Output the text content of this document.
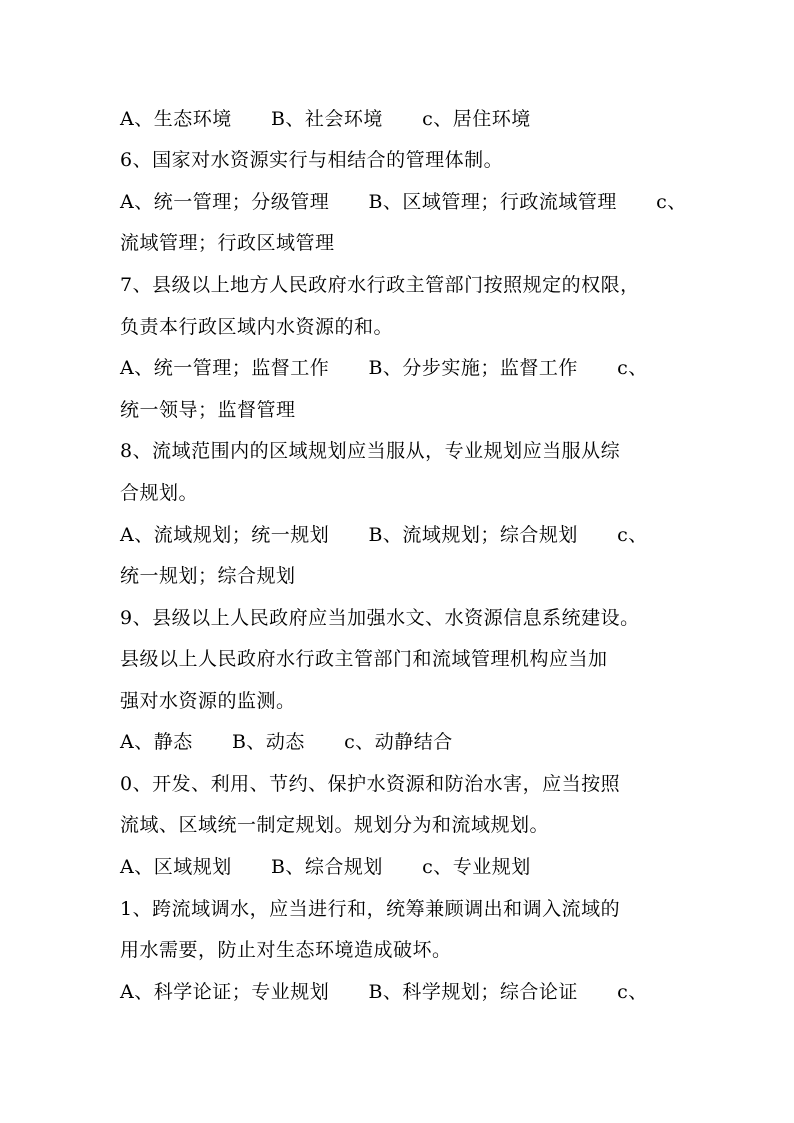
A、生态环境      B、社会环境      c、居住环境
6、国家对水资源实行与相结合的管理体制。
A、统一管理；分级管理      B、区域管理；行政流域管理      c、
流域管理；行政区域管理
7、县级以上地方人民政府水行政主管部门按照规定的权限，
负责本行政区域内水资源的和。
A、统一管理；监督工作      B、分步实施；监督工作      c、
统一领导；监督管理
8、流域范围内的区域规划应当服从，专业规划应当服从综
合规划。
A、流域规划；统一规划      B、流域规划；综合规划      c、
统一规划；综合规划
9、县级以上人民政府应当加强水文、水资源信息系统建设。
县级以上人民政府水行政主管部门和流域管理机构应当加
强对水资源的监测。
A、静态      B、动态      c、动静结合
0、开发、利用、节约、保护水资源和防治水害，应当按照
流域、区域统一制定规划。规划分为和流域规划。
A、区域规划      B、综合规划      c、专业规划
1、跨流域调水，应当进行和，统筹兼顾调出和调入流域的
用水需要，防止对生态环境造成破坏。
A、科学论证；专业规划      B、科学规划；综合论证      c、
